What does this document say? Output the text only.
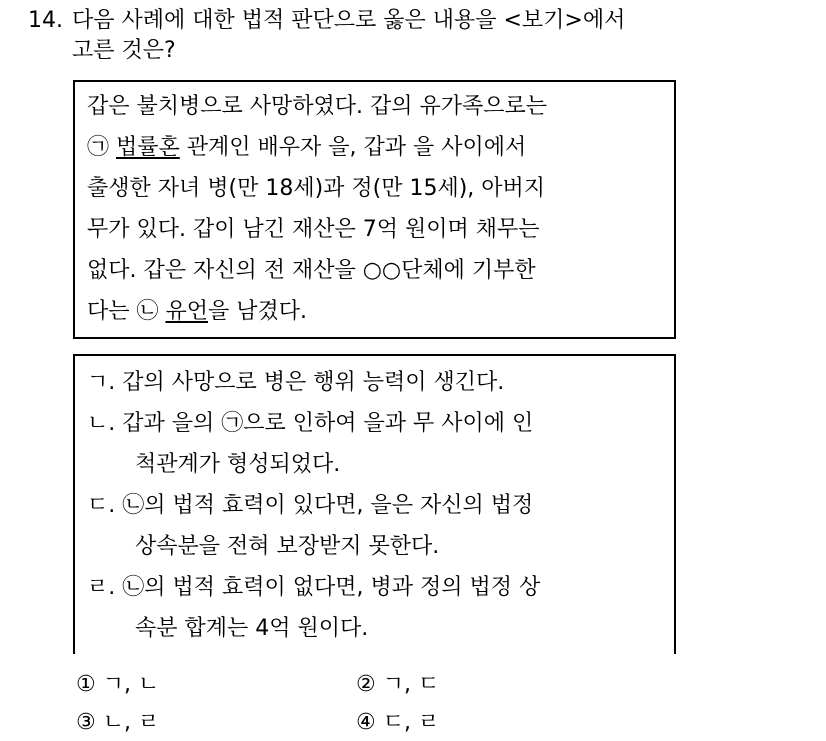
14. 다음 사례에 대한 법적 판단으로 옳은 내용을 <보기>에서
고른 것은?
갑은 불치병으로 사망하였다. 갑의 유가족으로는
㉠ 법률혼 관계인 배우자 을, 갑과 을 사이에서
출생한 자녀 병(만 18세)과 정(만 15세), 아버지
무가 있다. 갑이 남긴 재산은 7억 원이며 채무는
없다. 갑은 자신의 전 재산을 ○○단체에 기부한
다는 ㉡ 유언을 남겼다.
ㄱ. 갑의 사망으로 병은 행위 능력이 생긴다.
ㄴ. 갑과 을의 ㉠으로 인하여 을과 무 사이에 인
척관계가 형성되었다.
ㄷ. ㉡의 법적 효력이 있다면, 을은 자신의 법정
상속분을 전혀 보장받지 못한다.
ㄹ. ㉡의 법적 효력이 없다면, 병과 정의 법정 상
속분 합계는 4억 원이다.
① ㄱ, ㄴ	② ㄱ, ㄷ
③ ㄴ, ㄹ	④ ㄷ, ㄹ
